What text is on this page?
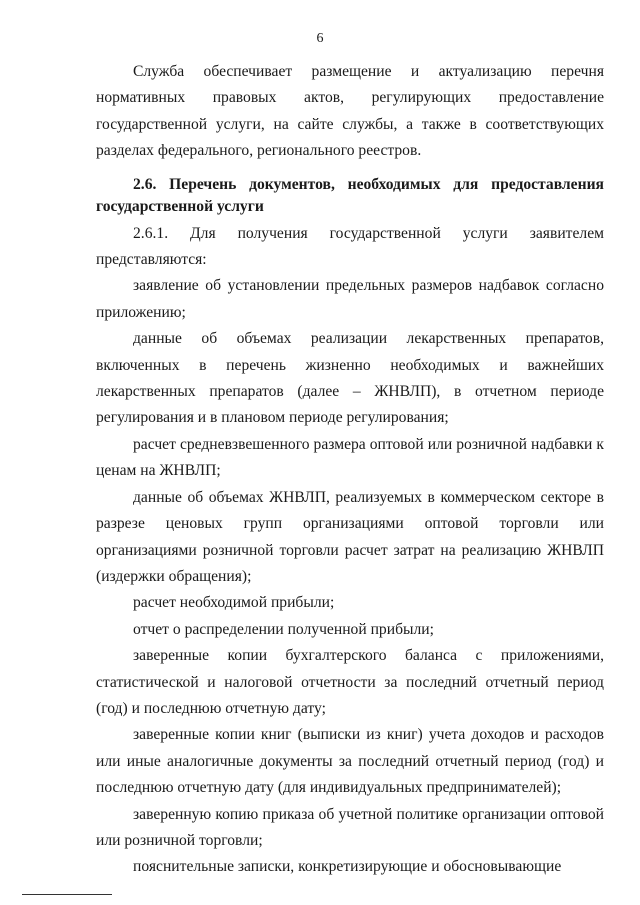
6

Служба обеспечивает размещение и актуализацию перечня нормативных правовых актов, регулирующих предоставление государственной услуги, на сайте службы, а также в соответствующих разделах федерального, регионального реестров.

2.6. Перечень документов, необходимых для предоставления государственной услуги

2.6.1. Для получения государственной услуги заявителем представляются:

заявление об установлении предельных размеров надбавок согласно приложению;

данные об объемах реализации лекарственных препаратов, включенных в перечень жизненно необходимых и важнейших лекарственных препаратов (далее – ЖНВЛП), в отчетном периоде регулирования и в плановом периоде регулирования;

расчет средневзвешенного размера оптовой или розничной надбавки к ценам на ЖНВЛП;

данные об объемах ЖНВЛП, реализуемых в коммерческом секторе в разрезе ценовых групп организациями оптовой торговли или организациями розничной торговли расчет затрат на реализацию ЖНВЛП (издержки обращения);

расчет необходимой прибыли;

отчет о распределении полученной прибыли;

заверенные копии бухгалтерского баланса с приложениями, статистической и налоговой отчетности за последний отчетный период (год) и последнюю отчетную дату;

заверенные копии книг (выписки из книг) учета доходов и расходов или иные аналогичные документы за последний отчетный период (год) и последнюю отчетную дату (для индивидуальных предпринимателей);

заверенную копию приказа об учетной политике организации оптовой или розничной торговли;

пояснительные записки, конкретизирующие и обосновывающие
